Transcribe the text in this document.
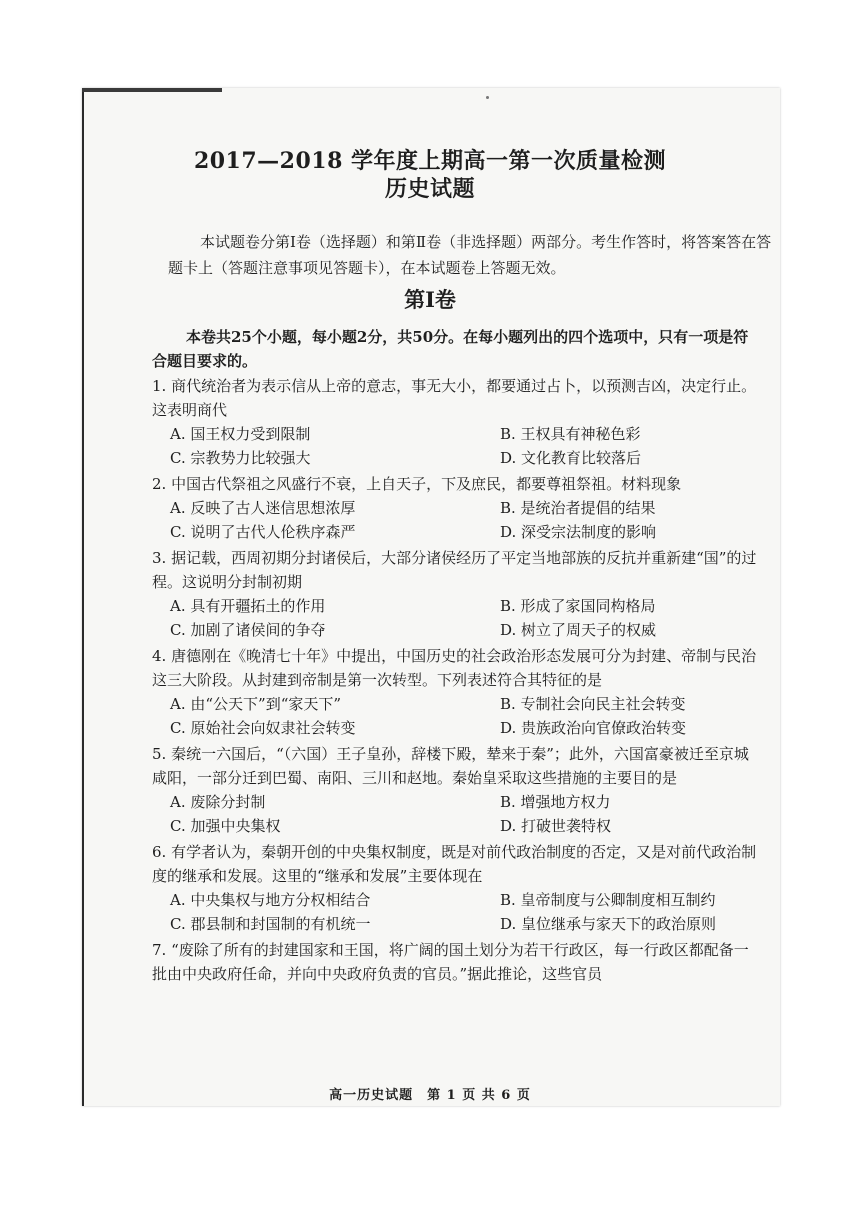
2017—2018 学年度上期高一第一次质量检测
历史试题
本试题卷分第Ⅰ卷（选择题）和第Ⅱ卷（非选择题）两部分。考生作答时，将答案答在答题卡上（答题注意事项见答题卡），在本试题卷上答题无效。
第Ⅰ卷
本卷共25个小题，每小题2分，共50分。在每小题列出的四个选项中，只有一项是符合题目要求的。

1. 商代统治者为表示信从上帝的意志，事无大小，都要通过占卜，以预测吉凶，决定行止。这表明商代

A. 国王权力受到限制	B. 王权具有神秘色彩
C. 宗教势力比较强大	D. 文化教育比较落后

2. 中国古代祭祖之风盛行不衰，上自天子，下及庶民，都要尊祖祭祖。材料现象

A. 反映了古人迷信思想浓厚	B. 是统治者提倡的结果
C. 说明了古代人伦秩序森严	D. 深受宗法制度的影响

3. 据记载，西周初期分封诸侯后，大部分诸侯经历了平定当地部族的反抗并重新建“国”的过程。这说明分封制初期

A. 具有开疆拓土的作用	B. 形成了家国同构格局
C. 加剧了诸侯间的争夺	D. 树立了周天子的权威

4. 唐德刚在《晚清七十年》中提出，中国历史的社会政治形态发展可分为封建、帝制与民治这三大阶段。从封建到帝制是第一次转型。下列表述符合其特征的是

A. 由“公天下”到“家天下”	B. 专制社会向民主社会转变
C. 原始社会向奴隶社会转变	D. 贵族政治向官僚政治转变

5. 秦统一六国后，“（六国）王子皇孙，辞楼下殿，辇来于秦”；此外，六国富豪被迁至京城咸阳，一部分迁到巴蜀、南阳、三川和赵地。秦始皇采取这些措施的主要目的是

A. 废除分封制	B. 增强地方权力
C. 加强中央集权	D. 打破世袭特权

6. 有学者认为，秦朝开创的中央集权制度，既是对前代政治制度的否定，又是对前代政治制度的继承和发展。这里的“继承和发展”主要体现在

A. 中央集权与地方分权相结合	B. 皇帝制度与公卿制度相互制约
C. 郡县制和封国制的有机统一	D. 皇位继承与家天下的政治原则

7. “废除了所有的封建国家和王国，将广阔的国土划分为若干行政区，每一行政区都配备一批由中央政府任命，并向中央政府负责的官员。”据此推论，这些官员

高一历史试题　第 1 页 共 6 页
